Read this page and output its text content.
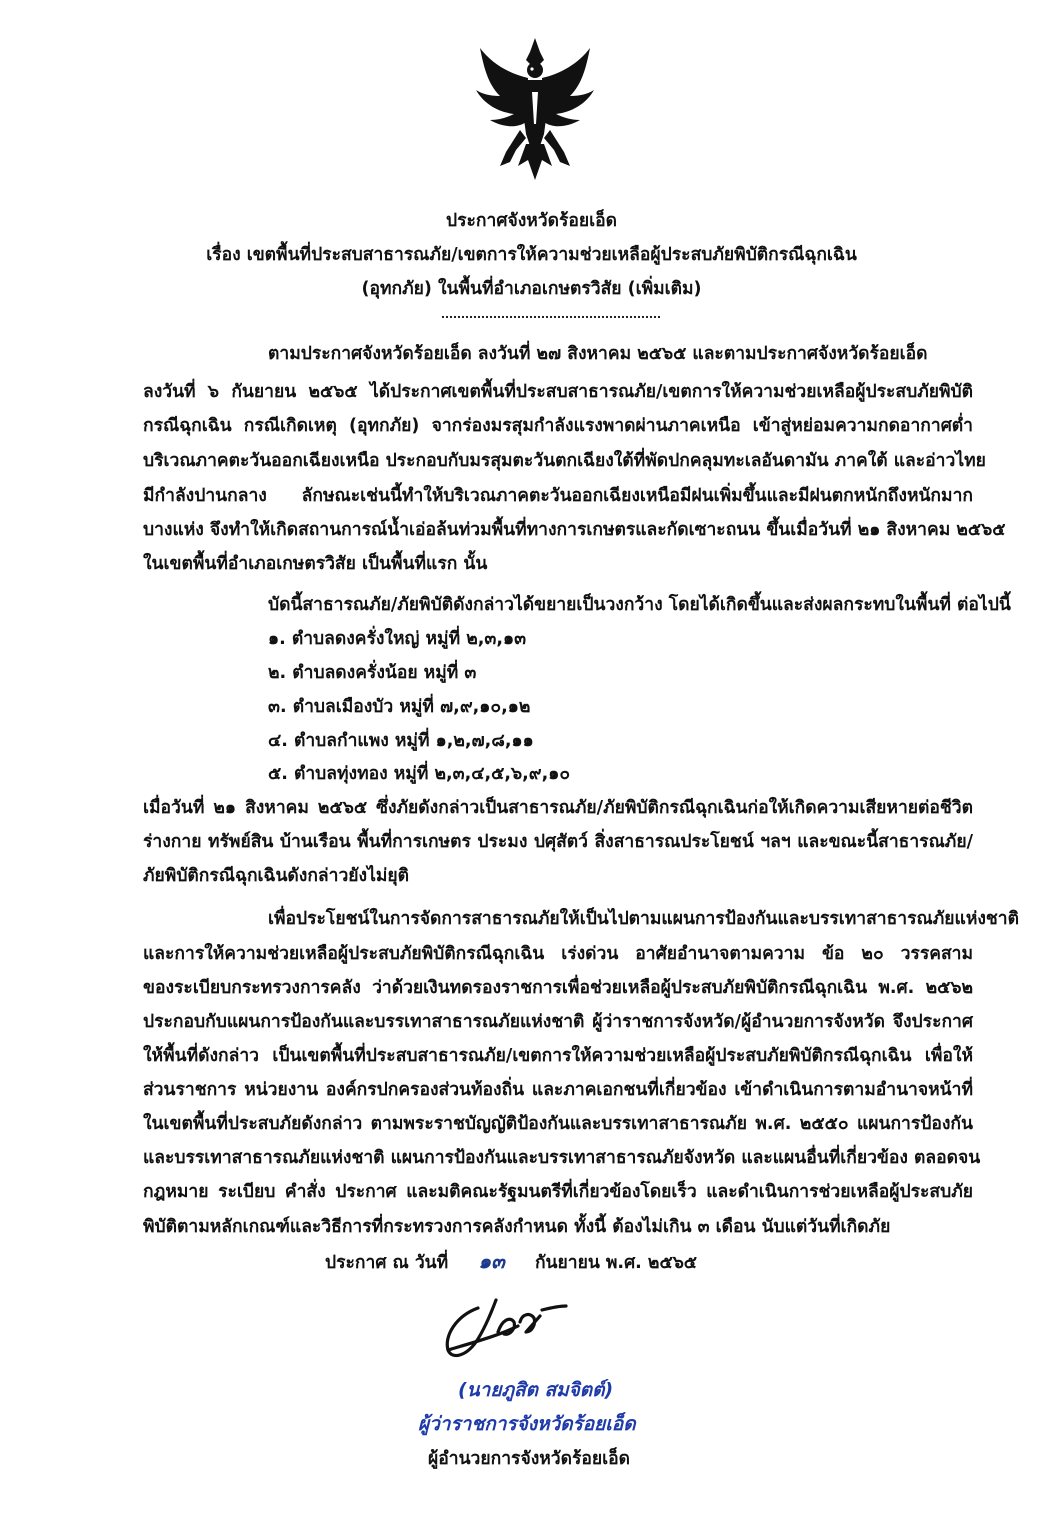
ประกาศจังหวัดร้อยเอ็ด
เรื่อง เขตพื้นที่ประสบสาธารณภัย/เขตการให้ความช่วยเหลือผู้ประสบภัยพิบัติกรณีฉุกเฉิน
(อุทกภัย) ในพื้นที่อำเภอเกษตรวิสัย (เพิ่มเติม)
ตามประกาศจังหวัดร้อยเอ็ด ลงวันที่ ๒๗ สิงหาคม ๒๕๖๕ และตามประกาศจังหวัดร้อยเอ็ด
ลงวันที่ ๖ กันยายน ๒๕๖๕ ได้ประกาศเขตพื้นที่ประสบสาธารณภัย/เขตการให้ความช่วยเหลือผู้ประสบภัยพิบัติ
กรณีฉุกเฉิน กรณีเกิดเหตุ (อุทกภัย) จากร่องมรสุมกำลังแรงพาดผ่านภาคเหนือ เข้าสู่หย่อมความกดอากาศต่ำ
บริเวณภาคตะวันออกเฉียงเหนือ ประกอบกับมรสุมตะวันตกเฉียงใต้ที่พัดปกคลุมทะเลอันดามัน ภาคใต้ และอ่าวไทย
มีกำลังปานกลาง ลักษณะเช่นนี้ทำให้บริเวณภาคตะวันออกเฉียงเหนือมีฝนเพิ่มขึ้นและมีฝนตกหนักถึงหนักมาก
บางแห่ง จึงทำให้เกิดสถานการณ์น้ำเอ่อล้นท่วมพื้นที่ทางการเกษตรและกัดเซาะถนน ขึ้นเมื่อวันที่ ๒๑ สิงหาคม ๒๕๖๕
ในเขตพื้นที่อำเภอเกษตรวิสัย เป็นพื้นที่แรก นั้น
บัดนี้สาธารณภัย/ภัยพิบัติดังกล่าวได้ขยายเป็นวงกว้าง โดยได้เกิดขึ้นและส่งผลกระทบในพื้นที่ ต่อไปนี้
๑. ตำบลดงครั่งใหญ่ หมู่ที่ ๒,๓,๑๓
๒. ตำบลดงครั่งน้อย หมู่ที่ ๓
๓. ตำบลเมืองบัว หมู่ที่ ๗,๙,๑๐,๑๒
๔. ตำบลกำแพง หมู่ที่ ๑,๒,๗,๘,๑๑
๕. ตำบลทุ่งทอง หมู่ที่ ๒,๓,๔,๕,๖,๙,๑๐
เมื่อวันที่ ๒๑ สิงหาคม ๒๕๖๕ ซึ่งภัยดังกล่าวเป็นสาธารณภัย/ภัยพิบัติกรณีฉุกเฉินก่อให้เกิดความเสียหายต่อชีวิต
ร่างกาย ทรัพย์สิน บ้านเรือน พื้นที่การเกษตร ประมง ปศุสัตว์ สิ่งสาธารณประโยชน์ ฯลฯ และขณะนี้สาธารณภัย/
ภัยพิบัติกรณีฉุกเฉินดังกล่าวยังไม่ยุติ
เพื่อประโยชน์ในการจัดการสาธารณภัยให้เป็นไปตามแผนการป้องกันและบรรเทาสาธารณภัยแห่งชาติ
และการให้ความช่วยเหลือผู้ประสบภัยพิบัติกรณีฉุกเฉิน เร่งด่วน อาศัยอำนาจตามความ ข้อ ๒๐ วรรคสาม
ของระเบียบกระทรวงการคลัง ว่าด้วยเงินทดรองราชการเพื่อช่วยเหลือผู้ประสบภัยพิบัติกรณีฉุกเฉิน พ.ศ. ๒๕๖๒
ประกอบกับแผนการป้องกันและบรรเทาสาธารณภัยแห่งชาติ ผู้ว่าราชการจังหวัด/ผู้อำนวยการจังหวัด จึงประกาศ
ให้พื้นที่ดังกล่าว เป็นเขตพื้นที่ประสบสาธารณภัย/เขตการให้ความช่วยเหลือผู้ประสบภัยพิบัติกรณีฉุกเฉิน เพื่อให้
ส่วนราชการ หน่วยงาน องค์กรปกครองส่วนท้องถิ่น และภาคเอกชนที่เกี่ยวข้อง เข้าดำเนินการตามอำนาจหน้าที่
ในเขตพื้นที่ประสบภัยดังกล่าว ตามพระราชบัญญัติป้องกันและบรรเทาสาธารณภัย พ.ศ. ๒๕๕๐ แผนการป้องกัน
และบรรเทาสาธารณภัยแห่งชาติ แผนการป้องกันและบรรเทาสาธารณภัยจังหวัด และแผนอื่นที่เกี่ยวข้อง ตลอดจน
กฎหมาย ระเบียบ คำสั่ง ประกาศ และมติคณะรัฐมนตรีที่เกี่ยวข้องโดยเร็ว และดำเนินการช่วยเหลือผู้ประสบภัย
พิบัติตามหลักเกณฑ์และวิธีการที่กระทรวงการคลังกำหนด ทั้งนี้ ต้องไม่เกิน ๓ เดือน นับแต่วันที่เกิดภัย
ประกาศ ณ วันที่ ๑๓ กันยายน พ.ศ. ๒๕๖๕
(นายภูสิต สมจิตต์)
ผู้ว่าราชการจังหวัดร้อยเอ็ด
ผู้อำนวยการจังหวัดร้อยเอ็ด
